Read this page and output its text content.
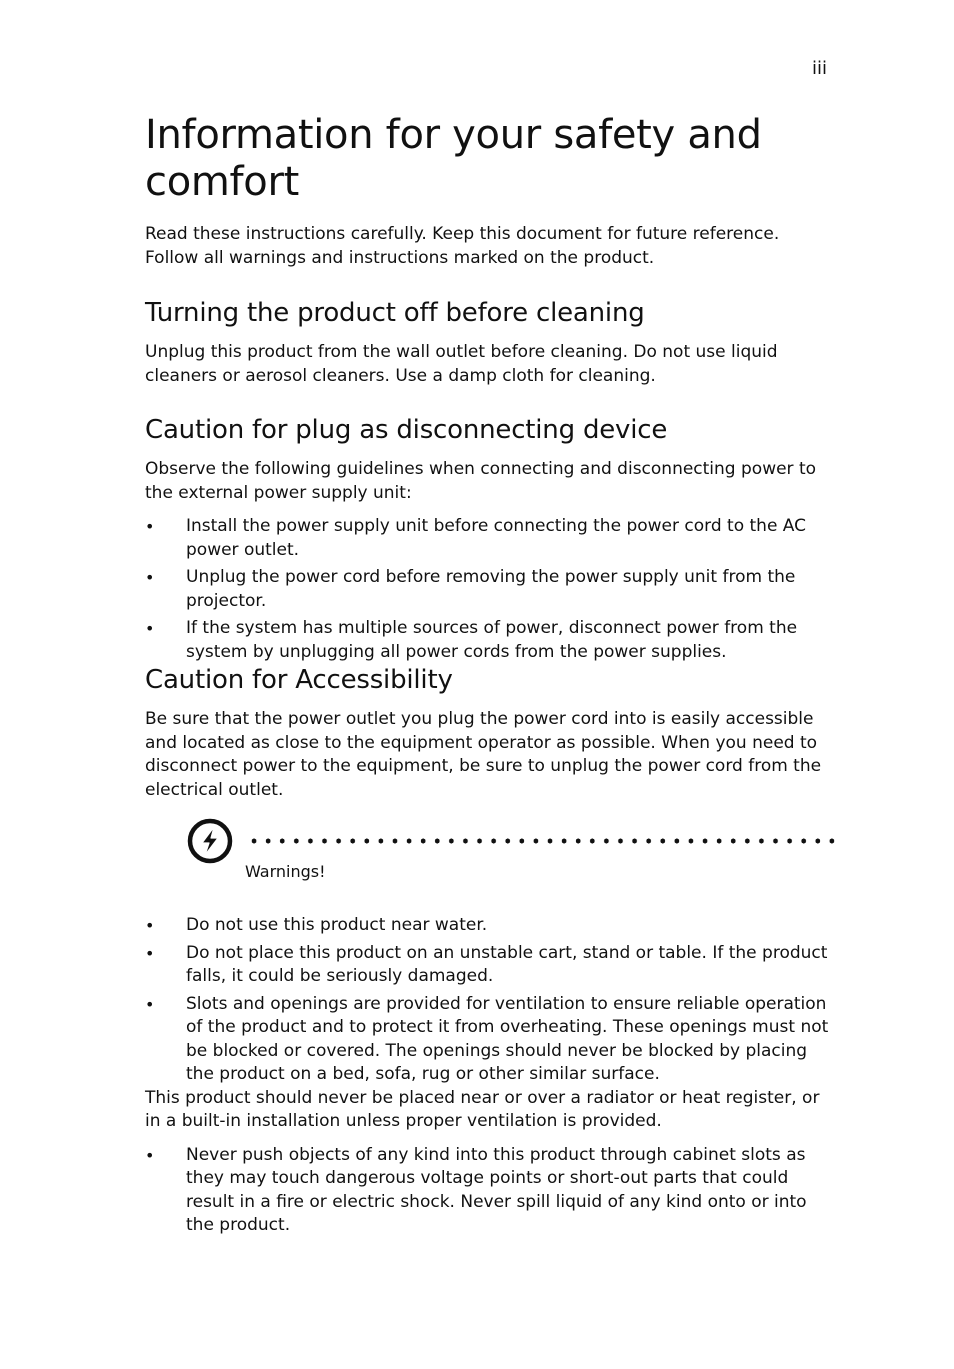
iii
Information for your safety and comfort

Read these instructions carefully. Keep this document for future reference. Follow all warnings and instructions marked on the product.

Turning the product off before cleaning

Unplug this product from the wall outlet before cleaning. Do not use liquid cleaners or aerosol cleaners. Use a damp cloth for cleaning.

Caution for plug as disconnecting device

Observe the following guidelines when connecting and disconnecting power to the external power supply unit:

• Install the power supply unit before connecting the power cord to the AC power outlet.
• Unplug the power cord before removing the power supply unit from the projector.
• If the system has multiple sources of power, disconnect power from the system by unplugging all power cords from the power supplies.
Caution for Accessibility

Be sure that the power outlet you plug the power cord into is easily accessible and located as close to the equipment operator as possible. When you need to disconnect power to the equipment, be sure to unplug the power cord from the electrical outlet.

Warnings!
• Do not use this product near water.
• Do not place this product on an unstable cart, stand or table. If the product falls, it could be seriously damaged.
• Slots and openings are provided for ventilation to ensure reliable operation of the product and to protect it from overheating. These openings must not be blocked or covered. The openings should never be blocked by placing the product on a bed, sofa, rug or other similar surface.

This product should never be placed near or over a radiator or heat register, or in a built-in installation unless proper ventilation is provided.

• Never push objects of any kind into this product through cabinet slots as they may touch dangerous voltage points or short-out parts that could result in a fire or electric shock. Never spill liquid of any kind onto or into the product.
